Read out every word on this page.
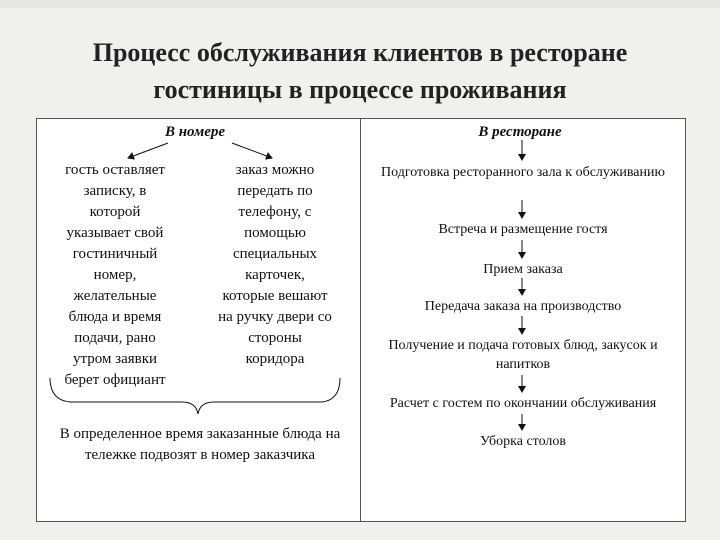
Процесс обслуживания клиентов в ресторане
гостиницы в процессе проживания
В номере
гость оставляет
записку, в
которой
указывает свой
гостиничный
номер,
желательные
блюда и время
подачи, рано
утром заявки
берет официант
заказ можно
передать по
телефону, с
помощью
специальных
карточек,
которые вешают
на ручку двери со
стороны
коридора
В определенное время заказанные блюда на тележке подвозят в номер заказчика
В ресторане
Подготовка ресторанного зала к обслуживанию
Встреча и размещение гостя
Прием заказа
Передача заказа на производство
Получение и подача готовых блюд, закусок и напитков
Расчет с гостем по окончании обслуживания
Уборка столов
